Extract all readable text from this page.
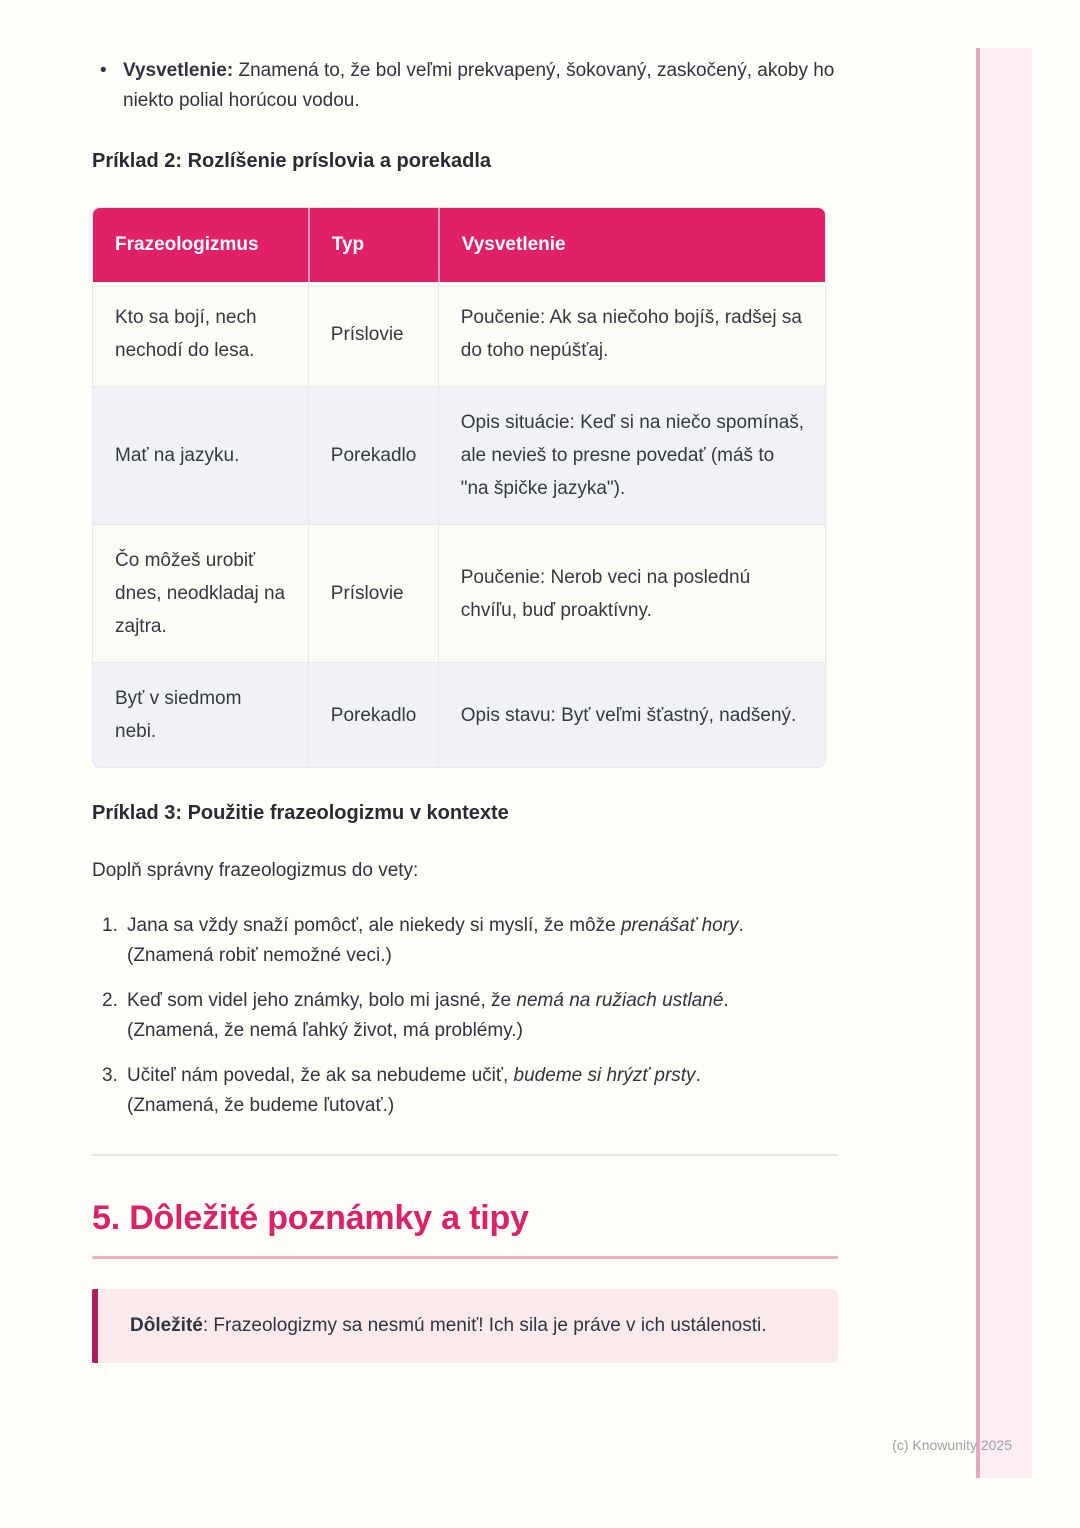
• Vysvetlenie: Znamená to, že bol veľmi prekvapený, šokovaný, zaskočený, akoby ho niekto polial horúcou vodou.
Príklad 2: Rozlíšenie príslovia a porekadla
Frazeologizmus	Typ	Vysvetlenie
Kto sa bojí, nech nechodí do lesa.	Príslovie	Poučenie: Ak sa niečoho bojíš, radšej sa do toho nepúšťaj.
Mať na jazyku.	Porekadlo	Opis situácie: Keď si na niečo spomínaš, ale nevieš to presne povedať (máš to "na špičke jazyka").
Čo môžeš urobiť dnes, neodkladaj na zajtra.	Príslovie	Poučenie: Nerob veci na poslednú chvíľu, buď proaktívny.
Byť v siedmom nebi.	Porekadlo	Opis stavu: Byť veľmi šťastný, nadšený.
Príklad 3: Použitie frazeologizmu v kontexte

Doplň správny frazeologizmus do vety:

Jana sa vždy snaží pomôcť, ale niekedy si myslí, že môže prenášať hory.
(Znamená robiť nemožné veci.)
Keď som videl jeho známky, bolo mi jasné, že nemá na ružiach ustlané.
(Znamená, že nemá ľahký život, má problémy.)
Učiteľ nám povedal, že ak sa nebudeme učiť, budeme si hrýzť prsty.
(Znamená, že budeme ľutovať.)
5. Dôležité poznámky a tipy
Dôležité: Frazeologizmy sa nesmú meniť! Ich sila je práve v ich ustálenosti.
(c) Knowunity 2025
